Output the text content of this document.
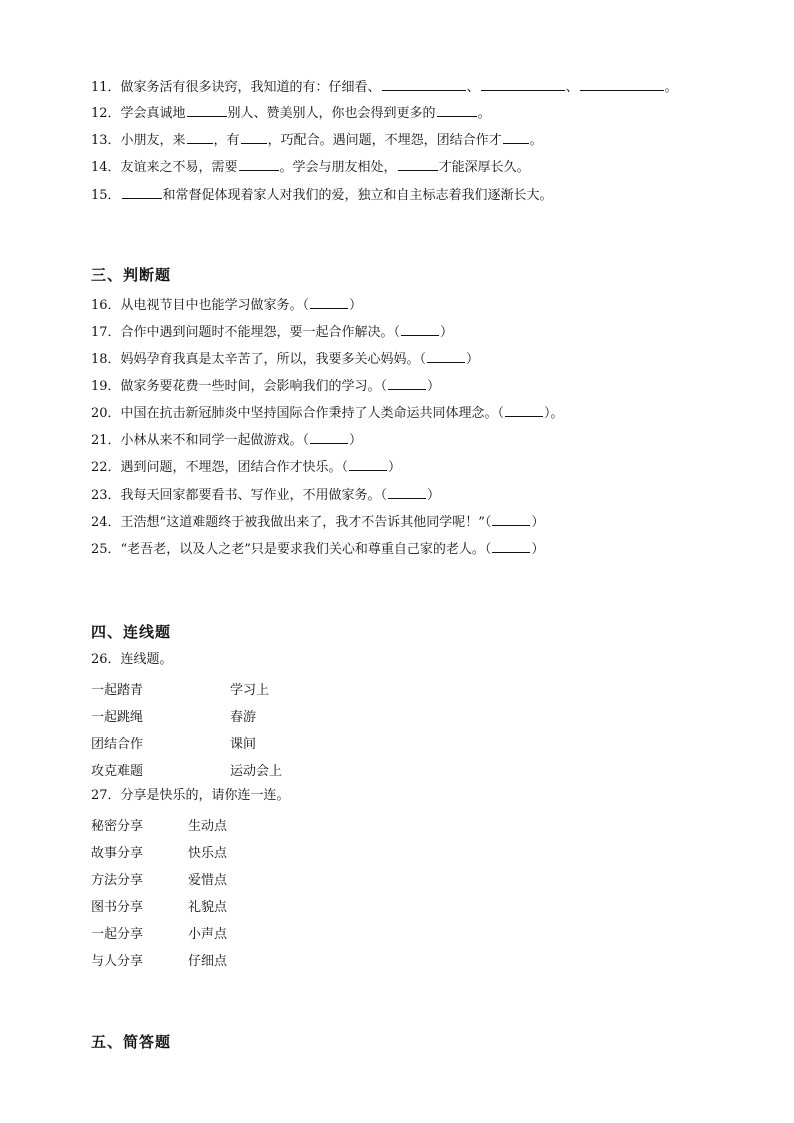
11．做家务活有很多诀窍，我知道的有：仔细看、	、	、	。
12．学会真诚地	别人、赞美别人，你也会得到更多的	。
13．小朋友，来 ，有 ，巧配合。遇问题，不埋怨，团结合作才 。
14．友谊来之不易，需要	。学会与朋友相处，	才能深厚长久。
15．	和常督促体现着家人对我们的爱，独立和自主标志着我们逐渐长大。
三、判断题
16．从电视节目中也能学习做家务。（	）
17．合作中遇到问题时不能埋怨，要一起合作解决。（	）
18．妈妈孕育我真是太辛苦了，所以，我要多关心妈妈。（	）
19．做家务要花费一些时间，会影响我们的学习。（	）
20．中国在抗击新冠肺炎中坚持国际合作秉持了人类命运共同体理念。（	）。
21．小林从来不和同学一起做游戏。（	）
22．遇到问题，不埋怨，团结合作才快乐。（	）
23．我每天回家都要看书、写作业，不用做家务。（	）
24．王浩想“这道难题终于被我做出来了，我才不告诉其他同学呢！”（	）
25．“老吾老，以及人之老”只是要求我们关心和尊重自己家的老人。（	）
四、连线题
26．连线题。
一起踏青	学习上
一起跳绳	春游
团结合作	课间
攻克难题	运动会上
27．分享是快乐的，请你连一连。
秘密分享	生动点
故事分享	快乐点
方法分享	爱惜点
图书分享	礼貌点
一起分享	小声点
与人分享	仔细点
五、简答题
